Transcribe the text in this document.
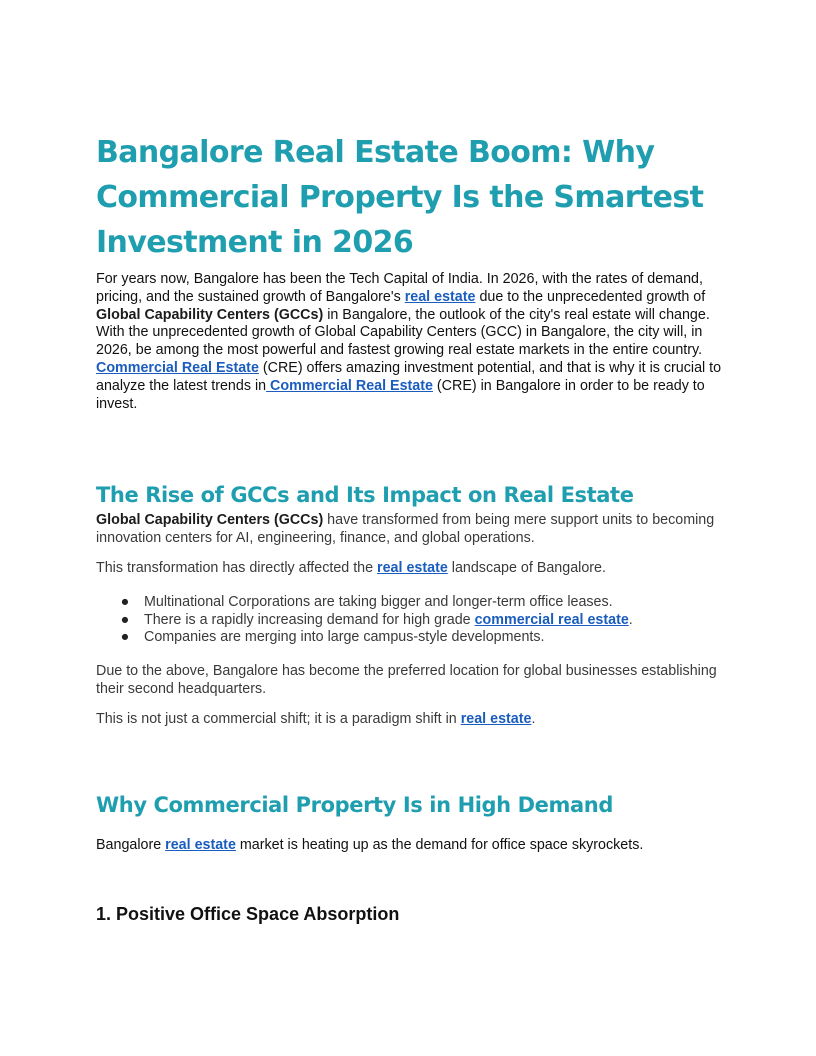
Bangalore Real Estate Boom: Why Commercial Property Is the Smartest Investment in 2026

For years now, Bangalore has been the Tech Capital of India. In 2026, with the rates of demand, pricing, and the sustained growth of Bangalore's real estate due to the unprecedented growth of Global Capability Centers (GCCs) in Bangalore, the outlook of the city's real estate will change. With the unprecedented growth of Global Capability Centers (GCC) in Bangalore, the city will, in 2026, be among the most powerful and fastest growing real estate markets in the entire country. Commercial Real Estate (CRE) offers amazing investment potential, and that is why it is crucial to analyze the latest trends in Commercial Real Estate (CRE) in Bangalore in order to be ready to invest.

The Rise of GCCs and Its Impact on Real Estate

Global Capability Centers (GCCs) have transformed from being mere support units to becoming innovation centers for AI, engineering, finance, and global operations.

This transformation has directly affected the real estate landscape of Bangalore.

● Multinational Corporations are taking bigger and longer-term office leases.
● There is a rapidly increasing demand for high grade commercial real estate.
● Companies are merging into large campus-style developments.

Due to the above, Bangalore has become the preferred location for global businesses establishing their second headquarters.

This is not just a commercial shift; it is a paradigm shift in real estate.

Why Commercial Property Is in High Demand

Bangalore real estate market is heating up as the demand for office space skyrockets.

1. Positive Office Space Absorption
